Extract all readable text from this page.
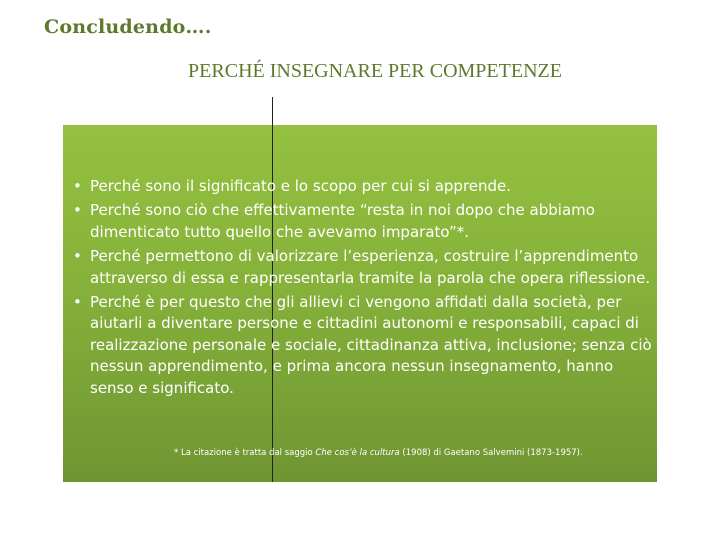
Concludendo….
PERCHÉ INSEGNARE PER COMPETENZE
• Perché sono il significato e lo scopo per cui si apprende.
• Perché sono ciò che effettivamente “resta in noi dopo che abbiamo dimenticato tutto quello che avevamo imparato”*.
• Perché permettono di valorizzare l’esperienza, costruire l’apprendimento attraverso di essa e rappresentarla tramite la parola che opera riflessione.
• Perché è per questo che gli allievi ci vengono affidati dalla società, per aiutarli a diventare persone e cittadini autonomi e responsabili, capaci di realizzazione personale e sociale, cittadinanza attiva, inclusione; senza ciò nessun apprendimento, e prima ancora nessun insegnamento, hanno senso e significato.
* La citazione è tratta dal saggio Che cos’è la cultura (1908) di Gaetano Salvemini (1873-1957).
